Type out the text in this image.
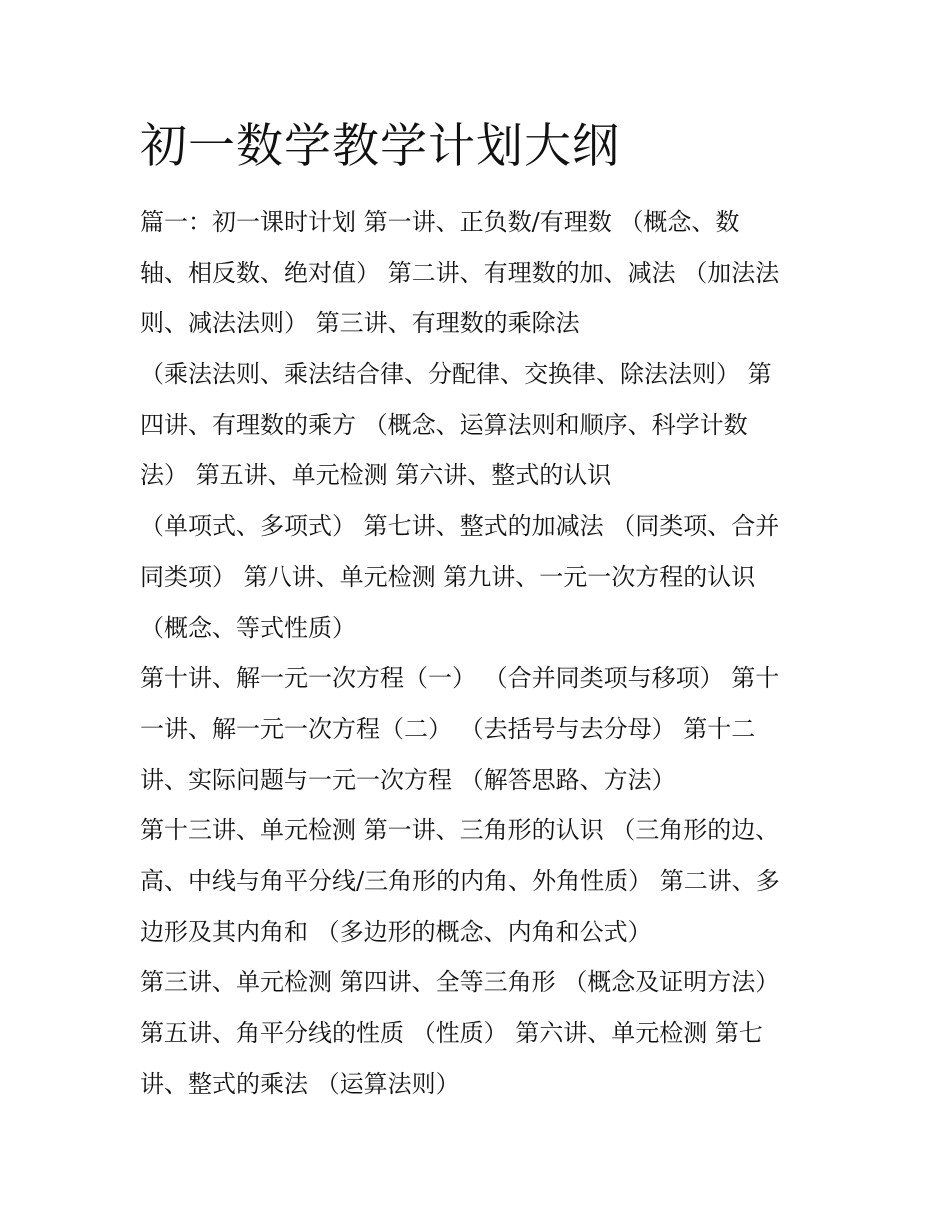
初一数学教学计划大纲

篇一：初一课时计划 第一讲、正负数/有理数 （概念、数

轴、相反数、绝对值） 第二讲、有理数的加、减法 （加法法

则、减法法则） 第三讲、有理数的乘除法

（乘法法则、乘法结合律、分配律、交换律、除法法则） 第

四讲、有理数的乘方 （概念、运算法则和顺序、科学计数

法） 第五讲、单元检测 第六讲、整式的认识

（单项式、多项式） 第七讲、整式的加减法 （同类项、合并

同类项） 第八讲、单元检测 第九讲、一元一次方程的认识

（概念、等式性质）

第十讲、解一元一次方程（一） （合并同类项与移项） 第十

一讲、解一元一次方程（二） （去括号与去分母） 第十二

讲、实际问题与一元一次方程 （解答思路、方法）

第十三讲、单元检测 第一讲、三角形的认识 （三角形的边、

高、中线与角平分线/三角形的内角、外角性质） 第二讲、多

边形及其内角和 （多边形的概念、内角和公式）

第三讲、单元检测 第四讲、全等三角形 （概念及证明方法）

第五讲、角平分线的性质 （性质） 第六讲、单元检测 第七

讲、整式的乘法 （运算法则）
